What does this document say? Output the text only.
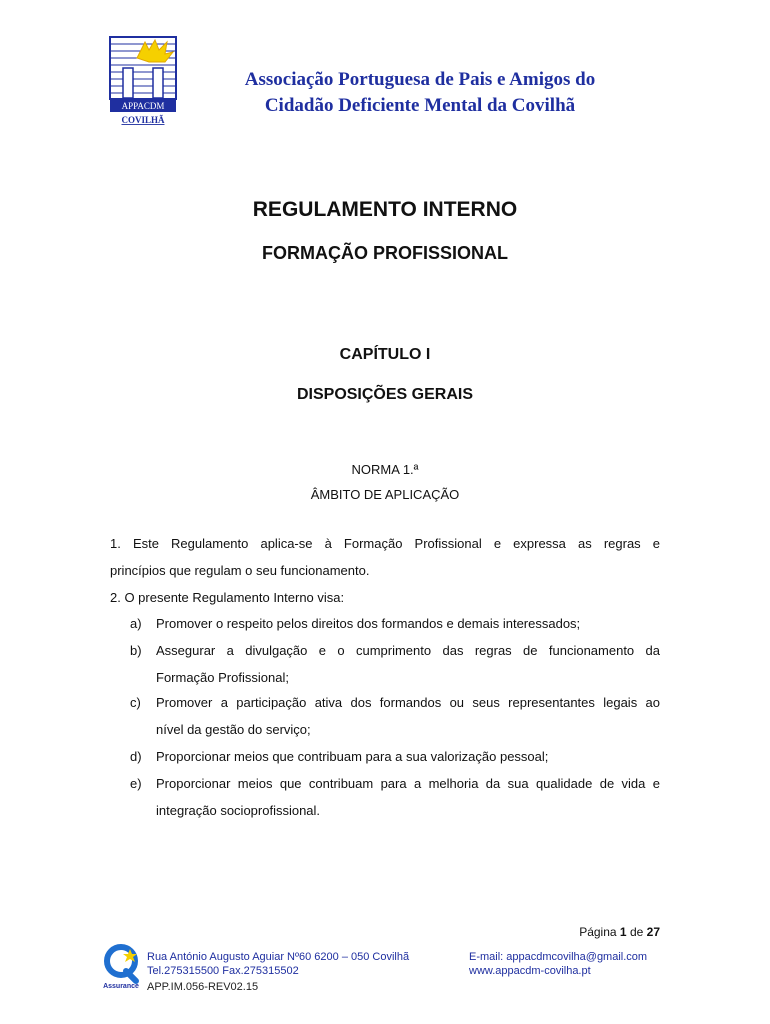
APPACDM
COVILHÃ
Associação Portuguesa de Pais e Amigos do
Cidadão Deficiente Mental da Covilhã
REGULAMENTO INTERNO
FORMAÇÃO PROFISSIONAL
CAPÍTULO I
DISPOSIÇÕES GERAIS
NORMA 1.ª
ÂMBITO DE APLICAÇÃO
1. Este Regulamento aplica-se à Formação Profissional e expressa as regras e
princípios que regulam o seu funcionamento.
2. O presente Regulamento Interno visa:
a)	Promover o respeito pelos direitos dos formandos e demais interessados;
b)	Assegurar a divulgação e o cumprimento das regras de funcionamento da
Formação Profissional;
c)	Promover a participação ativa dos formandos ou seus representantes legais ao
nível da gestão do serviço;
d)	Proporcionar meios que contribuam para a sua valorização pessoal;
e)	Proporcionar meios que contribuam para a melhoria da sua qualidade de vida e
integração socioprofissional.
Página 1 de 27
Assurance
Rua António Augusto Aguiar Nº60 6200 – 050 Covilhã
Tel.275315500 Fax.275315502
APP.IM.056-REV02.15
E-mail: appacdmcovilha@gmail.com
www.appacdm-covilha.pt
